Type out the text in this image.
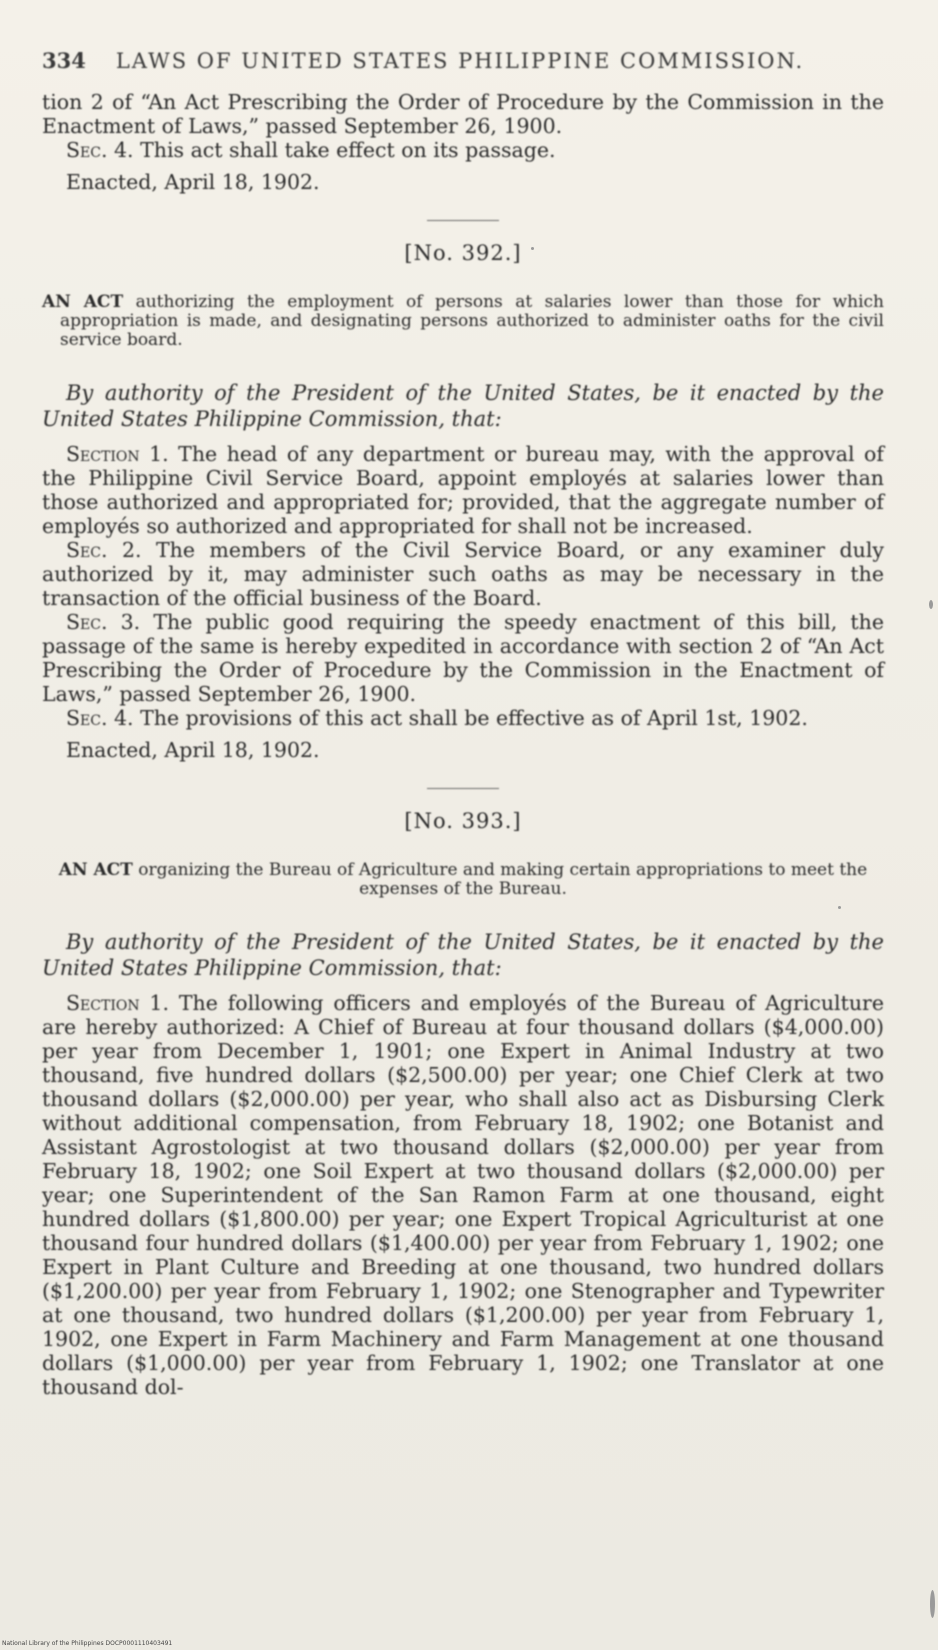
334 LAWS OF UNITED STATES PHILIPPINE COMMISSION.

tion 2 of “An Act Prescribing the Order of Procedure by the Commission in the Enactment of Laws,” passed September 26, 1900.

Sec. 4. This act shall take effect on its passage.

Enacted, April 18, 1902.

[No. 392.]

AN ACT authorizing the employment of persons at salaries lower than those for which appropriation is made, and designating persons authorized to administer oaths for the civil service board.

By authority of the President of the United States, be it enacted by the United States Philippine Commission, that:

Section 1. The head of any department or bureau may, with the approval of the Philippine Civil Service Board, appoint employés at salaries lower than those authorized and appropriated for; provided, that the aggregate number of employés so authorized and appropriated for shall not be increased.

Sec. 2. The members of the Civil Service Board, or any examiner duly authorized by it, may administer such oaths as may be necessary in the transaction of the official business of the Board.

Sec. 3. The public good requiring the speedy enactment of this bill, the passage of the same is hereby expedited in accordance with section 2 of “An Act Prescribing the Order of Procedure by the Commission in the Enactment of Laws,” passed September 26, 1900.

Sec. 4. The provisions of this act shall be effective as of April 1st, 1902.

Enacted, April 18, 1902.

[No. 393.]

AN ACT organizing the Bureau of Agriculture and making certain appropriations to meet the expenses of the Bureau.

By authority of the President of the United States, be it enacted by the United States Philippine Commission, that:

Section 1. The following officers and employés of the Bureau of Agriculture are hereby authorized: A Chief of Bureau at four thousand dollars ($4,000.00) per year from December 1, 1901; one Expert in Animal Industry at two thousand, five hundred dollars ($2,500.00) per year; one Chief Clerk at two thousand dollars ($2,000.00) per year, who shall also act as Disbursing Clerk without additional compensation, from February 18, 1902; one Botanist and Assistant Agrostologist at two thousand dollars ($2,000.00) per year from February 18, 1902; one Soil Expert at two thousand dollars ($2,000.00) per year; one Superintendent of the San Ramon Farm at one thousand, eight hundred dollars ($1,800.00) per year; one Expert Tropical Agriculturist at one thousand four hundred dollars ($1,400.00) per year from February 1, 1902; one Expert in Plant Culture and Breeding at one thousand, two hundred dollars ($1,200.00) per year from February 1, 1902; one Stenographer and Typewriter at one thousand, two hundred dollars ($1,200.00) per year from February 1, 1902, one Expert in Farm Machinery and Farm Management at one thousand dollars ($1,000.00) per year from February 1, 1902; one Translator at one thousand dol-

National Library of the Philippines DOCP0001110403491
